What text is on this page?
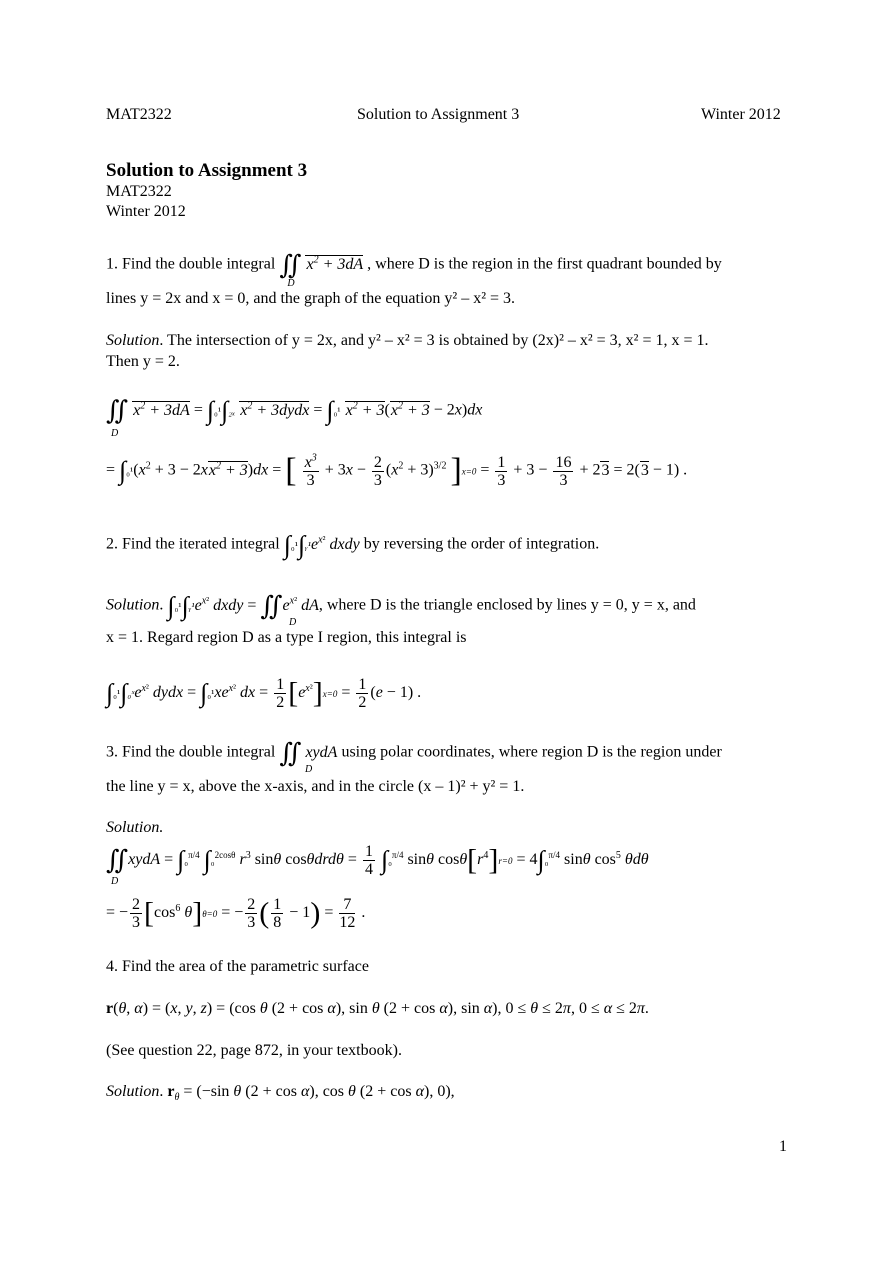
MAT2322	Solution to Assignment 3	Winter 2012
Solution to Assignment 3
MAT2322
Winter 2012
1. Find the double integral ∬
D
$x^2 + 3dA$ , where D is the region in the first quadrant bounded by
lines y = 2x and x = 0, and the graph of the equation y² – x² = 3.
Solution. The intersection of y = 2x, and y² – x² = 3 is obtained by (2x)² – x² = 3, x² = 1, x = 1.
Then y = 2.
∬ $x^2 + 3dA = \int_0^1\int_{2x}$ $x^2$ + 3dydx = ∫₀¹ $x^2 + 3(x^2 + 3 - 2x)dx$
D
= $\int_0^1(x^2 + 3 - 2xx^2 + 3)dx$ = [ $\frac{x^3}{3} + 3x - \frac{2}{3} (x^2 + 3)^{3/2}$ ]$x=0 = \frac{1}{3} + 3 - \frac{16}{3} + 23 = 2(3 - 1)$ .
2. Find the iterated integral $\int_0^1\int ᵧ^1e^{x^2}$ dxdy by reversing the order of integration.
Solution. $\int_0^1\int ᵧ^1e^{x^2}$ dxdy = $∬e^{x^2}$ dA, where D is the triangle enclosed by lines y = 0, y = x, and
D
x = 1. Regard region D as a type I region, this integral is
∫₀¹∫₀ˣe$^{x^2}$ dydx = $\int_0^1xe^{x^2}$ dx = $\frac{1}{2} [e^{x^2}]x=0 = \frac{1}{2} (e - 1)$ .
3. Find the double integral ∬ xydA using polar coordinates, where region D is the region under
D
the line y = x, above the x-axis, and in the circle (x – 1)² + y² = 1.
Solution.
∬xydA = ∫₀$^{\pi/4}$ ∫₀$^{2cos\theta}$ $r^3$ sinθ $\cos\theta drd\theta = \frac{1}{4} \int_0^{\pi/4}$ sinθ $\cos\theta[r^4]r=0 = 4\int_0^{\pi/4}$ sinθ $\cos^5 \theta d\theta$
D
= − $\frac{2}{3} [\cos^6$ θ]θ=0 = − $\frac{2}{3}$ ( $\frac{1}{8} - 1) = \frac{7}{12}$ .
4. Find the area of the parametric surface
r(θ, α) = (x, y, z) = (cos θ (2 + cos α), sin θ (2 + cos α), sin α), 0 ≤ θ ≤ 2π, 0 ≤ α ≤ 2π.
(See question 22, page 872, in your textbook).
Solution. $r_\theta = (-\sin$ θ (2 + cos α), cos θ (2 + cos α), 0),
1
